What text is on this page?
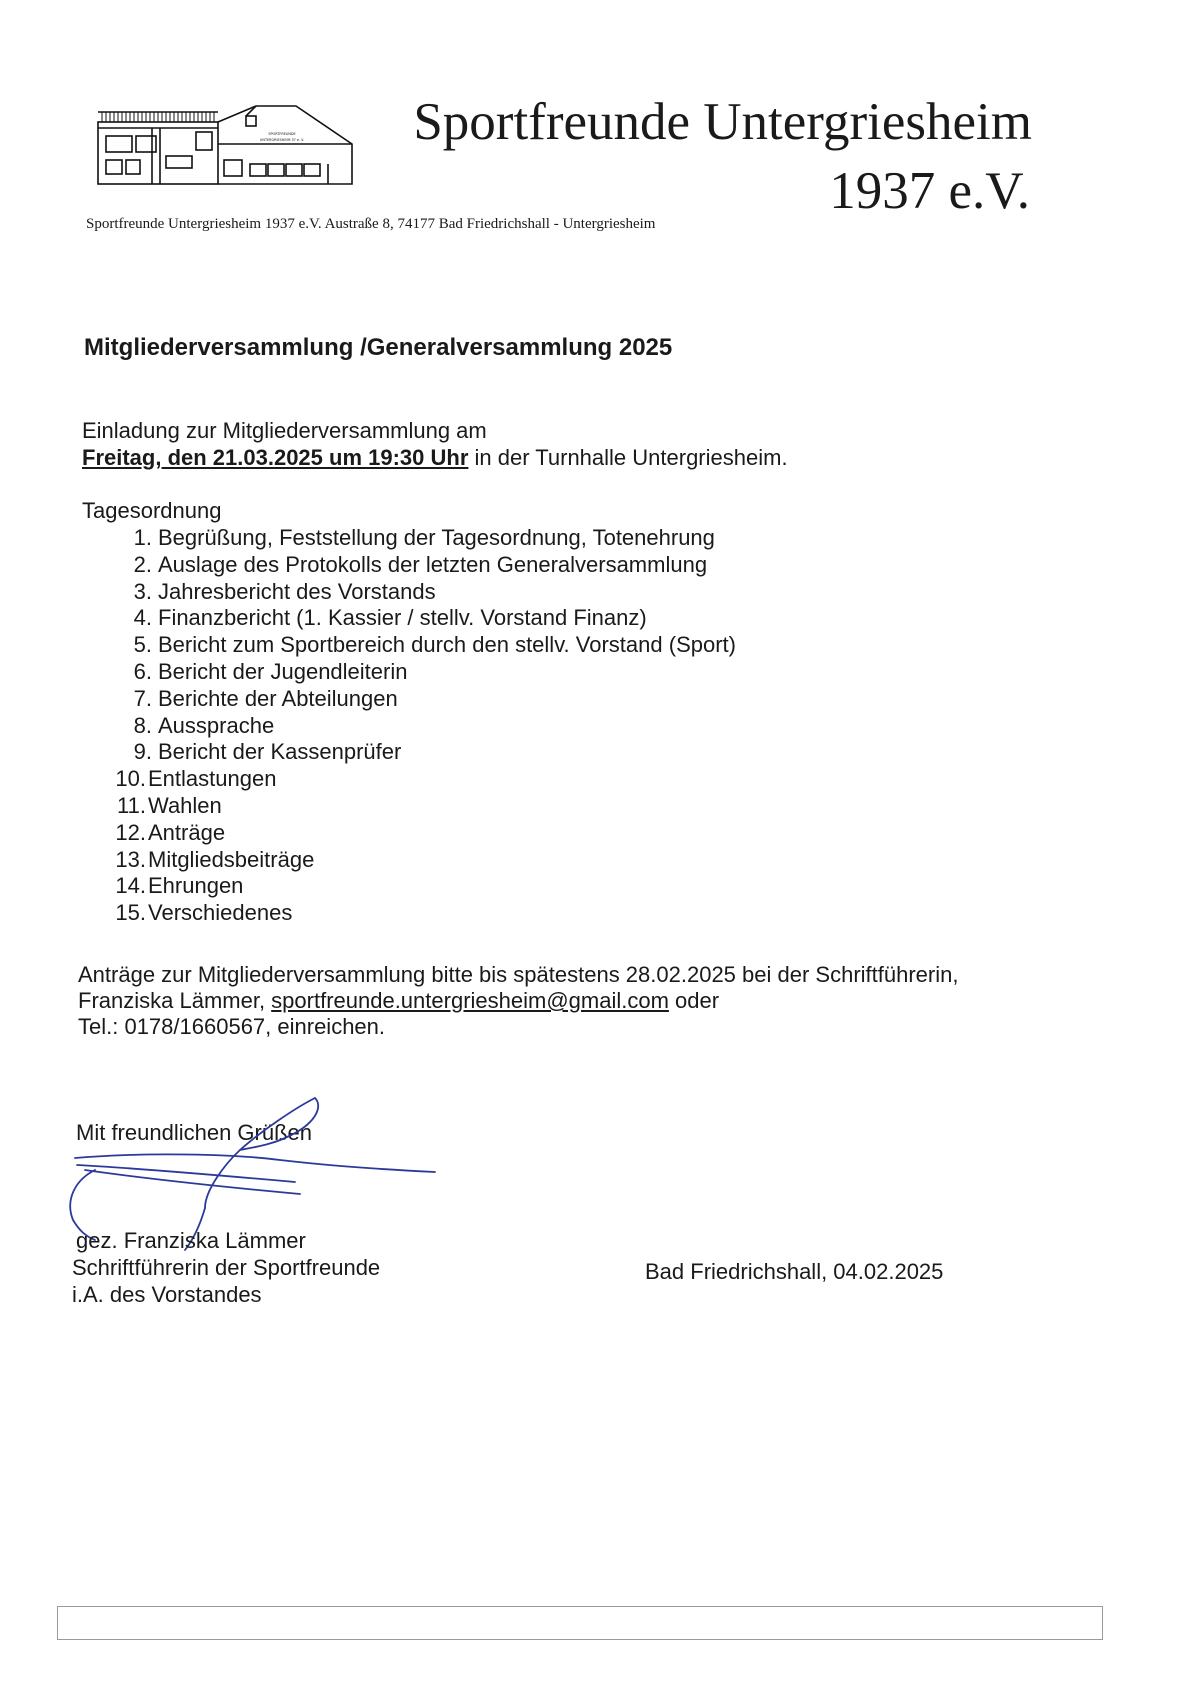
SPORTFREUNDE
UNTERGRIESHEIM 37 e. V. Sportfreunde Untergriesheim
1937 e.V.
Sportfreunde Untergriesheim 1937 e.V. Austraße 8, 74177 Bad Friedrichshall - Untergriesheim
Mitgliederversammlung /Generalversammlung 2025
Einladung zur Mitgliederversammlung am
Freitag, den 21.03.2025 um 19:30 Uhr in der Turnhalle Untergriesheim.
Tagesordnung
1. Begrüßung, Feststellung der Tagesordnung, Totenehrung
2. Auslage des Protokolls der letzten Generalversammlung
3. Jahresbericht des Vorstands
4. Finanzbericht (1. Kassier / stellv. Vorstand Finanz)
5. Bericht zum Sportbereich durch den stellv. Vorstand (Sport)
6. Bericht der Jugendleiterin
7. Berichte der Abteilungen
8. Aussprache
9. Bericht der Kassenprüfer
10. Entlastungen
11. Wahlen
12. Anträge
13. Mitgliedsbeiträge
14. Ehrungen
15. Verschiedenes
Anträge zur Mitgliederversammlung bitte bis spätestens 28.02.2025 bei der Schriftführerin,
Franziska Lämmer, sportfreunde.untergriesheim@gmail.com oder
Tel.: 0178/1660567, einreichen.
Mit freundlichen Grüßen
gez. Franziska Lämmer
Schriftführerin der Sportfreunde
i.A. des Vorstandes
Bad Friedrichshall, 04.02.2025
